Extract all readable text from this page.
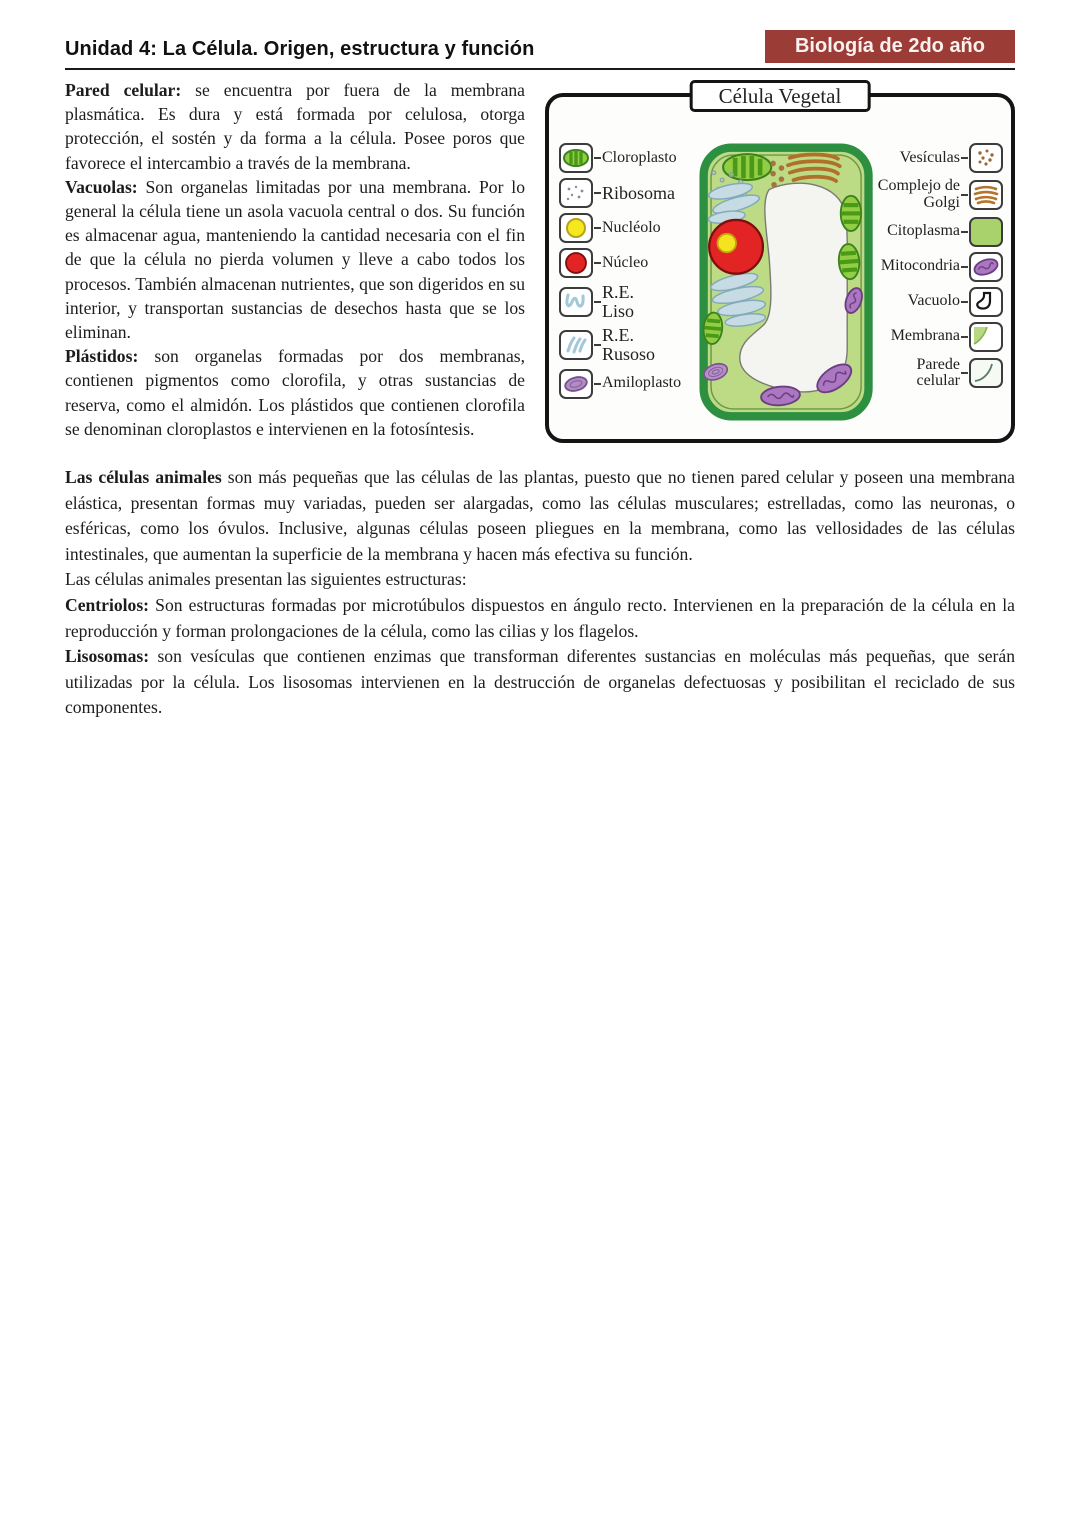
Unidad 4: La Célula. Origen, estructura y función	Biología de 2do año
Célula Vegetal
Cloroplasto
Ribosoma
Nucléolo
Núcleo
R.E. Liso
R.E. Rusoso
Amiloplasto
Vesículas
Complejo de Golgi
Citoplasma
Mitocondria
Vacuolo
Membrana
Parede celular

Pared celular: se encuentra por fuera de la membrana plasmática. Es dura y está formada por celulosa, otorga protección, el sostén y da forma a la célula. Posee poros que favorece el intercambio a través de la membrana.

Vacuolas: Son organelas limitadas por una membrana. Por lo general la célula tiene un asola vacuola central o dos. Su función es almacenar agua, manteniendo la cantidad necesaria con el fin de que la célula no pierda volumen y lleve a cabo todos los procesos. También almacenan nutrientes, que son digeridos en su interior, y transportan sustancias de desechos hasta que se los eliminan.

Plástidos: son organelas formadas por dos membranas, contienen pigmentos como clorofila, y otras sustancias de reserva, como el almidón. Los plástidos que contienen clorofila se denominan cloroplastos e intervienen en la fotosíntesis.

Las células animales son más pequeñas que las células de las plantas, puesto que no tienen pared celular y poseen una membrana elástica, presentan formas muy variadas, pueden ser alargadas, como las células musculares; estrelladas, como las neuronas, o esféricas, como los óvulos. Inclusive, algunas células poseen pliegues en la membrana, como las vellosidades de las células intestinales, que aumentan la superficie de la membrana y hacen más efectiva su función.

Las células animales presentan las siguientes estructuras:

Centriolos: Son estructuras formadas por microtúbulos dispuestos en ángulo recto. Intervienen en la preparación de la célula en la reproducción y forman prolongaciones de la célula, como las cilias y los flagelos.

Lisosomas: son vesículas que contienen enzimas que transforman diferentes sustancias en moléculas más pequeñas, que serán utilizadas por la célula. Los lisosomas intervienen en la destrucción de organelas defectuosas y posibilitan el reciclado de sus componentes.
